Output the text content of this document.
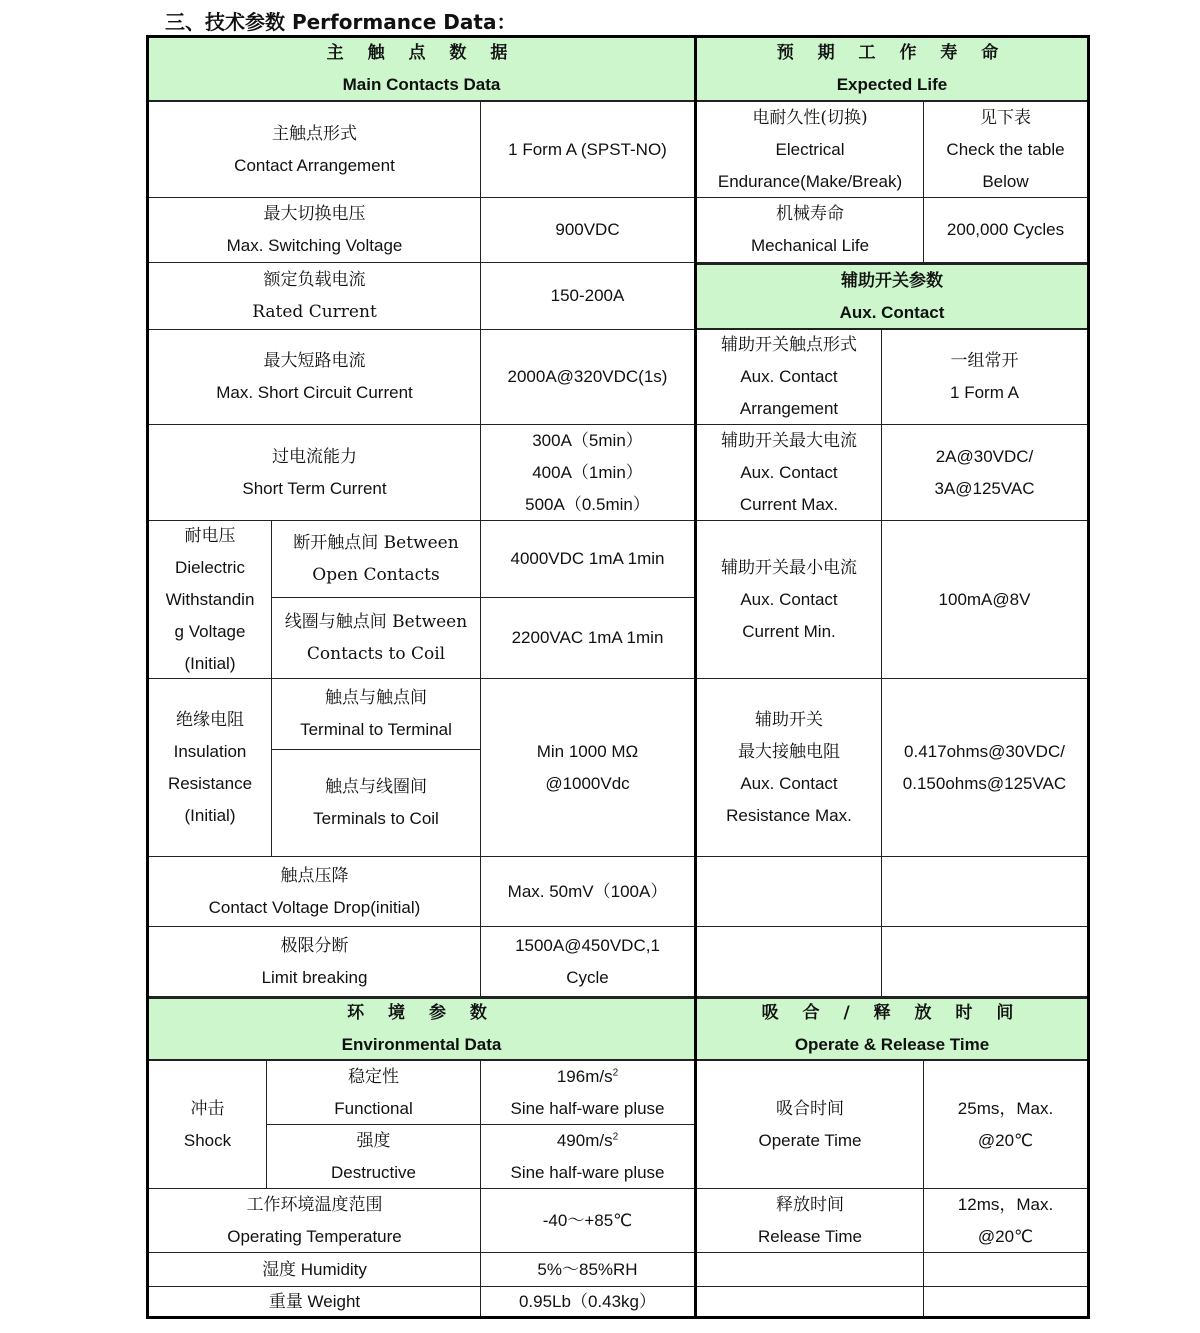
三、技术参数 Performance Data：
主 触 点 数 据
Main Contacts Data
主触点形式
Contact Arrangement
1 Form A (SPST-NO)
最大切换电压
Max. Switching Voltage
900VDC
额定负载电流
Rated Current
150-200A
最大短路电流
Max. Short Circuit Current
2000A@320VDC(1s)
过电流能力
Short Term Current
300A（5min）
400A（1min）
500A（0.5min）
耐电压
Dielectric
Withstandin
g Voltage
(Initial)
断开触点间 Between
Open Contacts
4000VDC 1mA 1min
线圈与触点间 Between
Contacts to Coil
2200VAC 1mA 1min
绝缘电阻
Insulation
Resistance
(Initial)
触点与触点间
Terminal to Terminal
触点与线圈间
Terminals to Coil
Min 1000 MΩ
@1000Vdc
触点压降
Contact Voltage Drop(initial)
Max. 50mV（100A）
极限分断
Limit breaking
1500A@450VDC,1
Cycle
环 境 参 数
Environmental Data
冲击
Shock
稳定性
Functional
$196m/s^2$
Sine half-ware pluse
强度
Destructive
$490m/s^2$
Sine half-ware pluse
工作环境温度范围
Operating Temperature
-40～+85℃
湿度 Humidity	5%～85%RH
重量 Weight	0.95Lb（0.43kg）
预 期 工 作 寿 命
Expected Life
电耐久性(切换)
Electrical
Endurance(Make/Break)
见下表
Check the table
Below
机械寿命
Mechanical Life
200,000 Cycles
辅助开关参数
Aux. Contact
辅助开关触点形式
Aux. Contact
Arrangement
一组常开
1 Form A
辅助开关最大电流
Aux. Contact
Current Max.
2A@30VDC/
3A@125VAC
辅助开关最小电流
Aux. Contact
Current Min.
100mA@8V
辅助开关
最大接触电阻
Aux. Contact
Resistance Max.
0.417ohms@30VDC/
0.150ohms@125VAC
吸 合 / 释 放 时 间
Operate & Release Time
吸合时间
Operate Time
25ms，Max.
@20℃
释放时间
Release Time
12ms，Max.
@20℃
